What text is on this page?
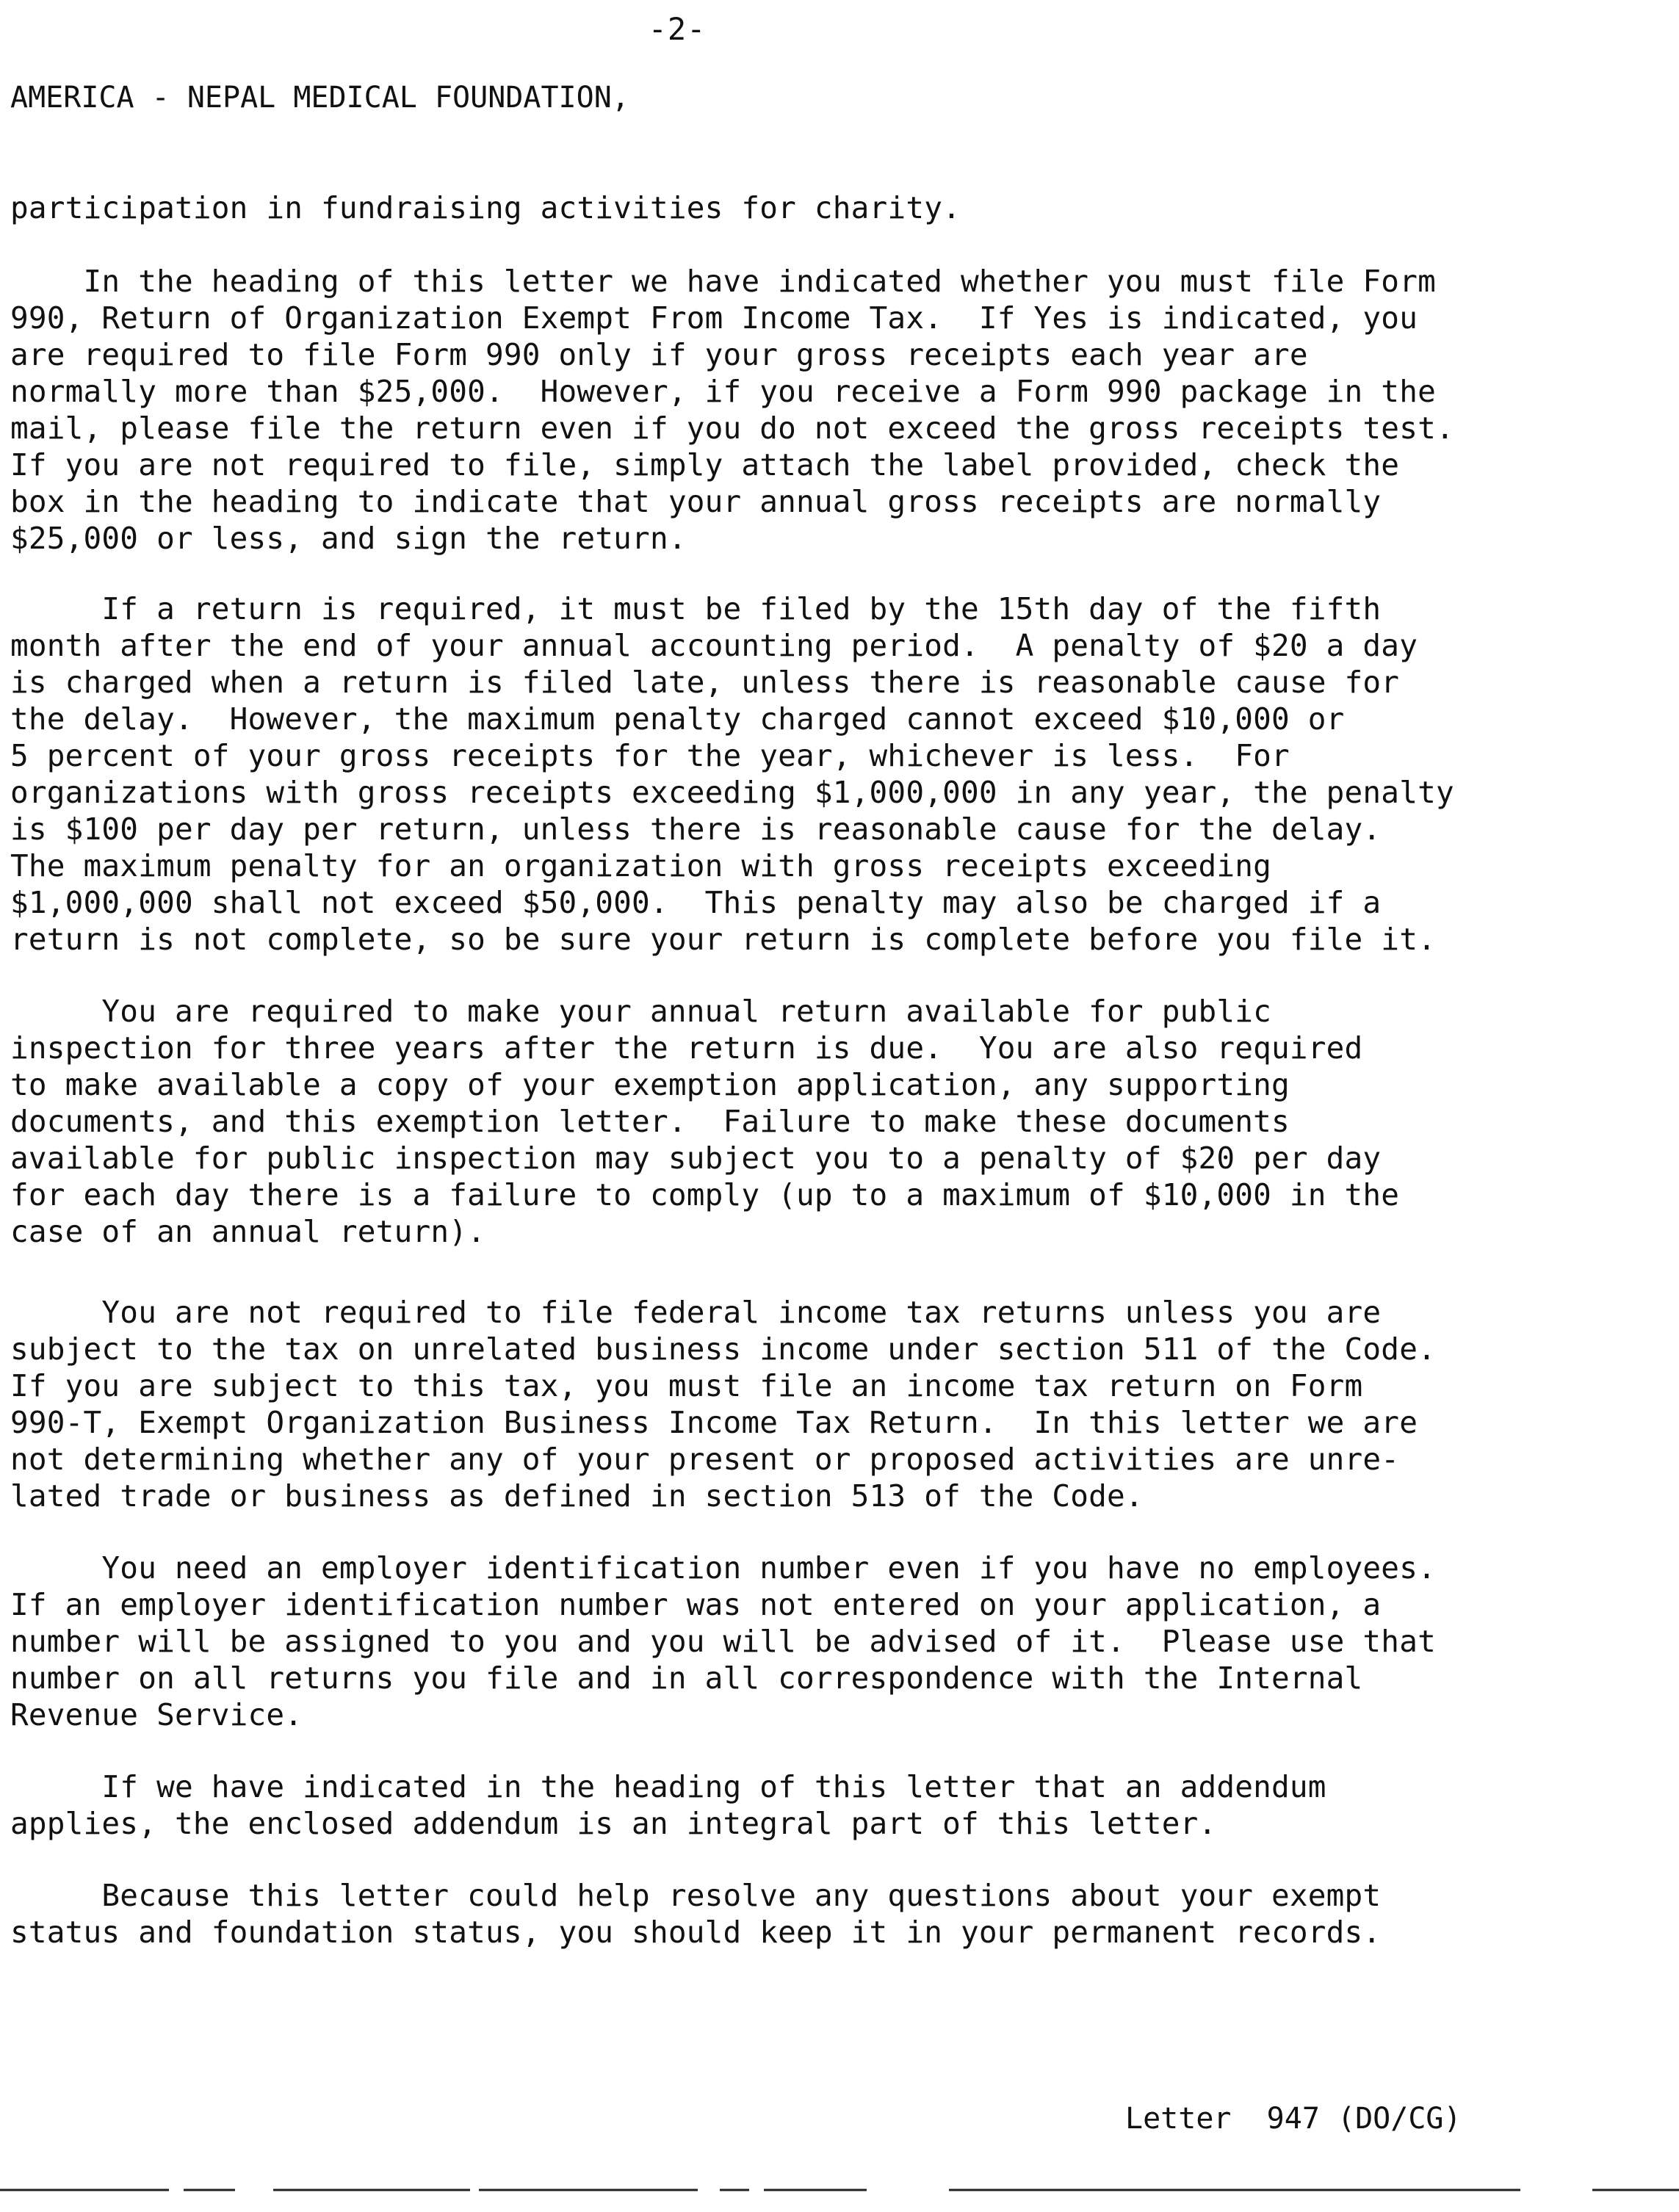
-2-
AMERICA - NEPAL MEDICAL FOUNDATION,
participation in fundraising activities for charity.
In the heading of this letter we have indicated whether you must file Form
990, Return of Organization Exempt From Income Tax.  If Yes is indicated, you
are required to file Form 990 only if your gross receipts each year are
normally more than $25,000.  However, if you receive a Form 990 package in the
mail, please file the return even if you do not exceed the gross receipts test.
If you are not required to file, simply attach the label provided, check the
box in the heading to indicate that your annual gross receipts are normally
$25,000 or less, and sign the return.
If a return is required, it must be filed by the 15th day of the fifth
month after the end of your annual accounting period.  A penalty of $20 a day
is charged when a return is filed late, unless there is reasonable cause for
the delay.  However, the maximum penalty charged cannot exceed $10,000 or
5 percent of your gross receipts for the year, whichever is less.  For
organizations with gross receipts exceeding $1,000,000 in any year, the penalty
is $100 per day per return, unless there is reasonable cause for the delay.
The maximum penalty for an organization with gross receipts exceeding
$1,000,000 shall not exceed $50,000.  This penalty may also be charged if a
return is not complete, so be sure your return is complete before you file it.
You are required to make your annual return available for public
inspection for three years after the return is due.  You are also required
to make available a copy of your exemption application, any supporting
documents, and this exemption letter.  Failure to make these documents
available for public inspection may subject you to a penalty of $20 per day
for each day there is a failure to comply (up to a maximum of $10,000 in the
case of an annual return).
You are not required to file federal income tax returns unless you are
subject to the tax on unrelated business income under section 511 of the Code.
If you are subject to this tax, you must file an income tax return on Form
990-T, Exempt Organization Business Income Tax Return.  In this letter we are
not determining whether any of your present or proposed activities are unre-
lated trade or business as defined in section 513 of the Code.
You need an employer identification number even if you have no employees.
If an employer identification number was not entered on your application, a
number will be assigned to you and you will be advised of it.  Please use that
number on all returns you file and in all correspondence with the Internal
Revenue Service.
If we have indicated in the heading of this letter that an addendum
applies, the enclosed addendum is an integral part of this letter.
Because this letter could help resolve any questions about your exempt
status and foundation status, you should keep it in your permanent records.
Letter  947 (DO/CG)
